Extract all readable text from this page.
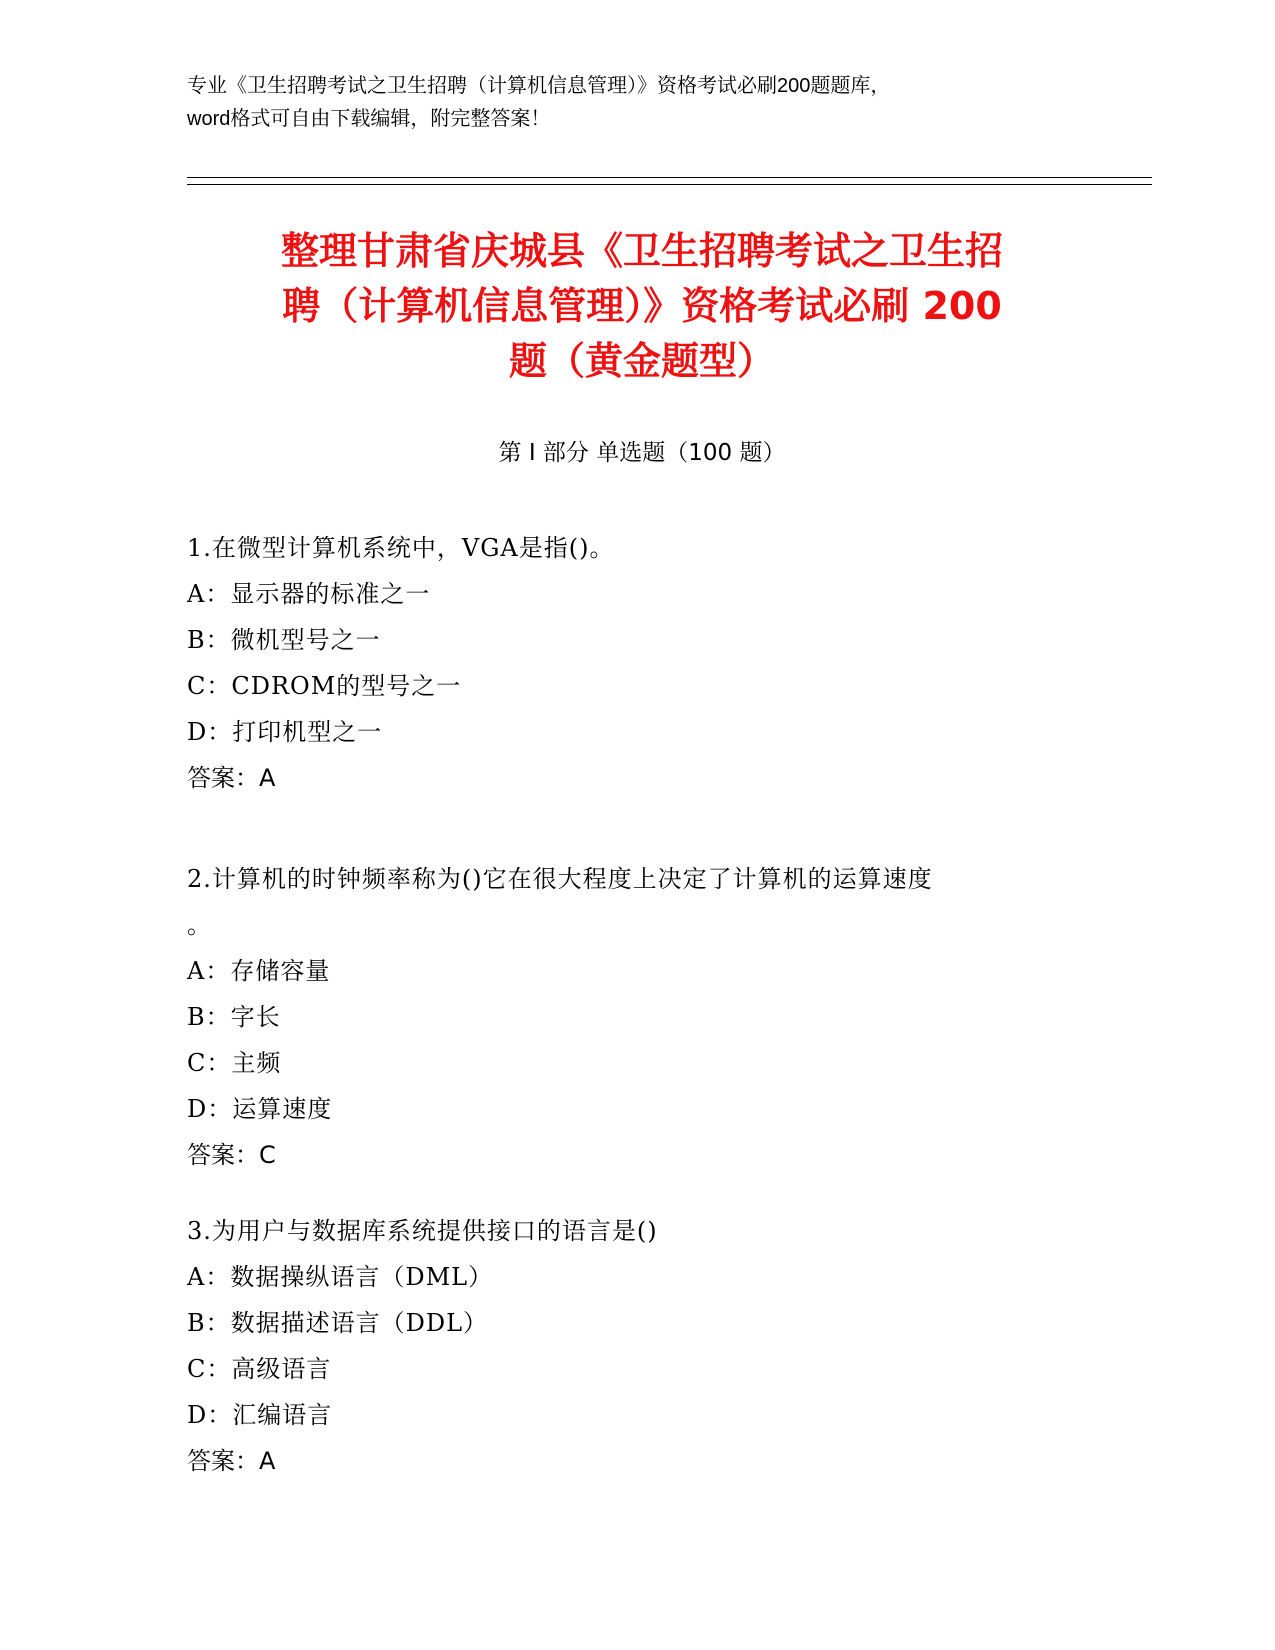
专业《卫生招聘考试之卫生招聘（计算机信息管理）》资格考试必刷200题题库，
word格式可自由下载编辑，附完整答案！
整理甘肃省庆城县《卫生招聘考试之卫生招
聘（计算机信息管理）》资格考试必刷 200
题（黄金题型）
第 I 部分 单选题（100 题）
1.在微型计算机系统中，VGA是指()。
A：显示器的标准之一
B：微机型号之一
C：CDROM的型号之一
D：打印机型之一
答案：A
2.计算机的时钟频率称为()它在很大程度上决定了计算机的运算速度
。
A：存储容量
B：字长
C：主频
D：运算速度
答案：C
3.为用户与数据库系统提供接口的语言是()
A：数据操纵语言（DML）
B：数据描述语言（DDL）
C：高级语言
D：汇编语言
答案：A
